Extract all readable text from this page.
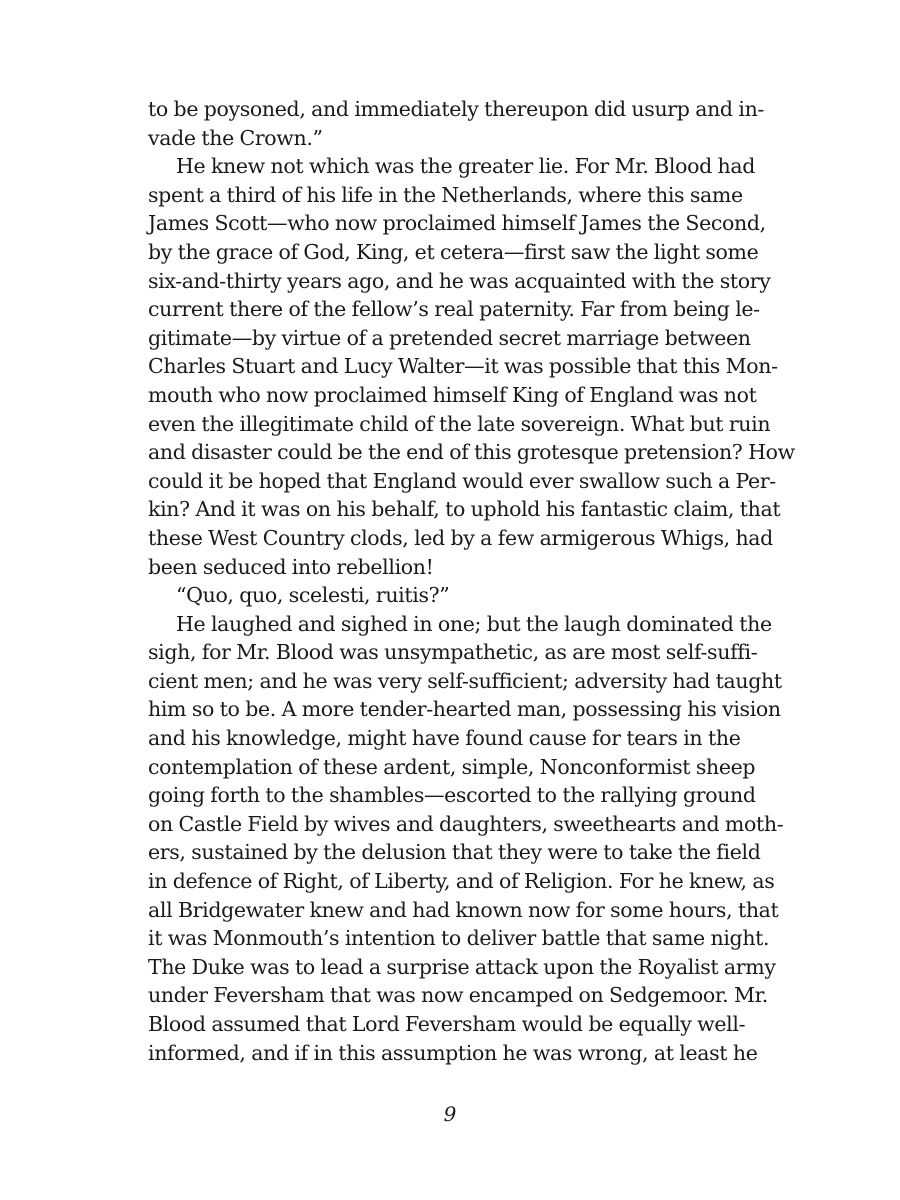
to be poysoned, and immediately thereupon did usurp and in-
vade the Crown.”
He knew not which was the greater lie. For Mr. Blood had
spent a third of his life in the Netherlands, where this same
James Scott—who now proclaimed himself James the Second,
by the grace of God, King, et cetera—first saw the light some
six-and-thirty years ago, and he was acquainted with the story
current there of the fellow’s real paternity. Far from being le-
gitimate—by virtue of a pretended secret marriage between
Charles Stuart and Lucy Walter—it was possible that this Mon-
mouth who now proclaimed himself King of England was not
even the illegitimate child of the late sovereign. What but ruin
and disaster could be the end of this grotesque pretension? How
could it be hoped that England would ever swallow such a Per-
kin? And it was on his behalf, to uphold his fantastic claim, that
these West Country clods, led by a few armigerous Whigs, had
been seduced into rebellion!
“Quo, quo, scelesti, ruitis?”
He laughed and sighed in one; but the laugh dominated the
sigh, for Mr. Blood was unsympathetic, as are most self-suffi-
cient men; and he was very self-sufficient; adversity had taught
him so to be. A more tender-hearted man, possessing his vision
and his knowledge, might have found cause for tears in the
contemplation of these ardent, simple, Nonconformist sheep
going forth to the shambles—escorted to the rallying ground
on Castle Field by wives and daughters, sweethearts and moth-
ers, sustained by the delusion that they were to take the field
in defence of Right, of Liberty, and of Religion. For he knew, as
all Bridgewater knew and had known now for some hours, that
it was Monmouth’s intention to deliver battle that same night.
The Duke was to lead a surprise attack upon the Royalist army
under Feversham that was now encamped on Sedgemoor. Mr.
Blood assumed that Lord Feversham would be equally well-
informed, and if in this assumption he was wrong, at least he
9
